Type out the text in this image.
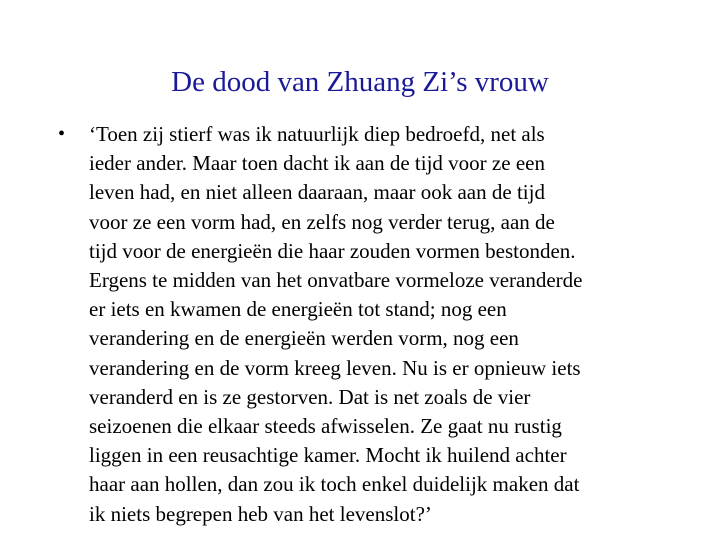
De dood van Zhuang Zi’s vrouw
• ‘Toen zij stierf was ik natuurlijk diep bedroefd, net als
ieder ander. Maar toen dacht ik aan de tijd voor ze een
leven had, en niet alleen daaraan, maar ook aan de tijd
voor ze een vorm had, en zelfs nog verder terug, aan de
tijd voor de energieën die haar zouden vormen bestonden.
Ergens te midden van het onvatbare vormeloze veranderde
er iets en kwamen de energieën tot stand; nog een
verandering en de energieën werden vorm, nog een
verandering en de vorm kreeg leven. Nu is er opnieuw iets
veranderd en is ze gestorven. Dat is net zoals de vier
seizoenen die elkaar steeds afwisselen. Ze gaat nu rustig
liggen in een reusachtige kamer. Mocht ik huilend achter
haar aan hollen, dan zou ik toch enkel duidelijk maken dat
ik niets begrepen heb van het levenslot?’
